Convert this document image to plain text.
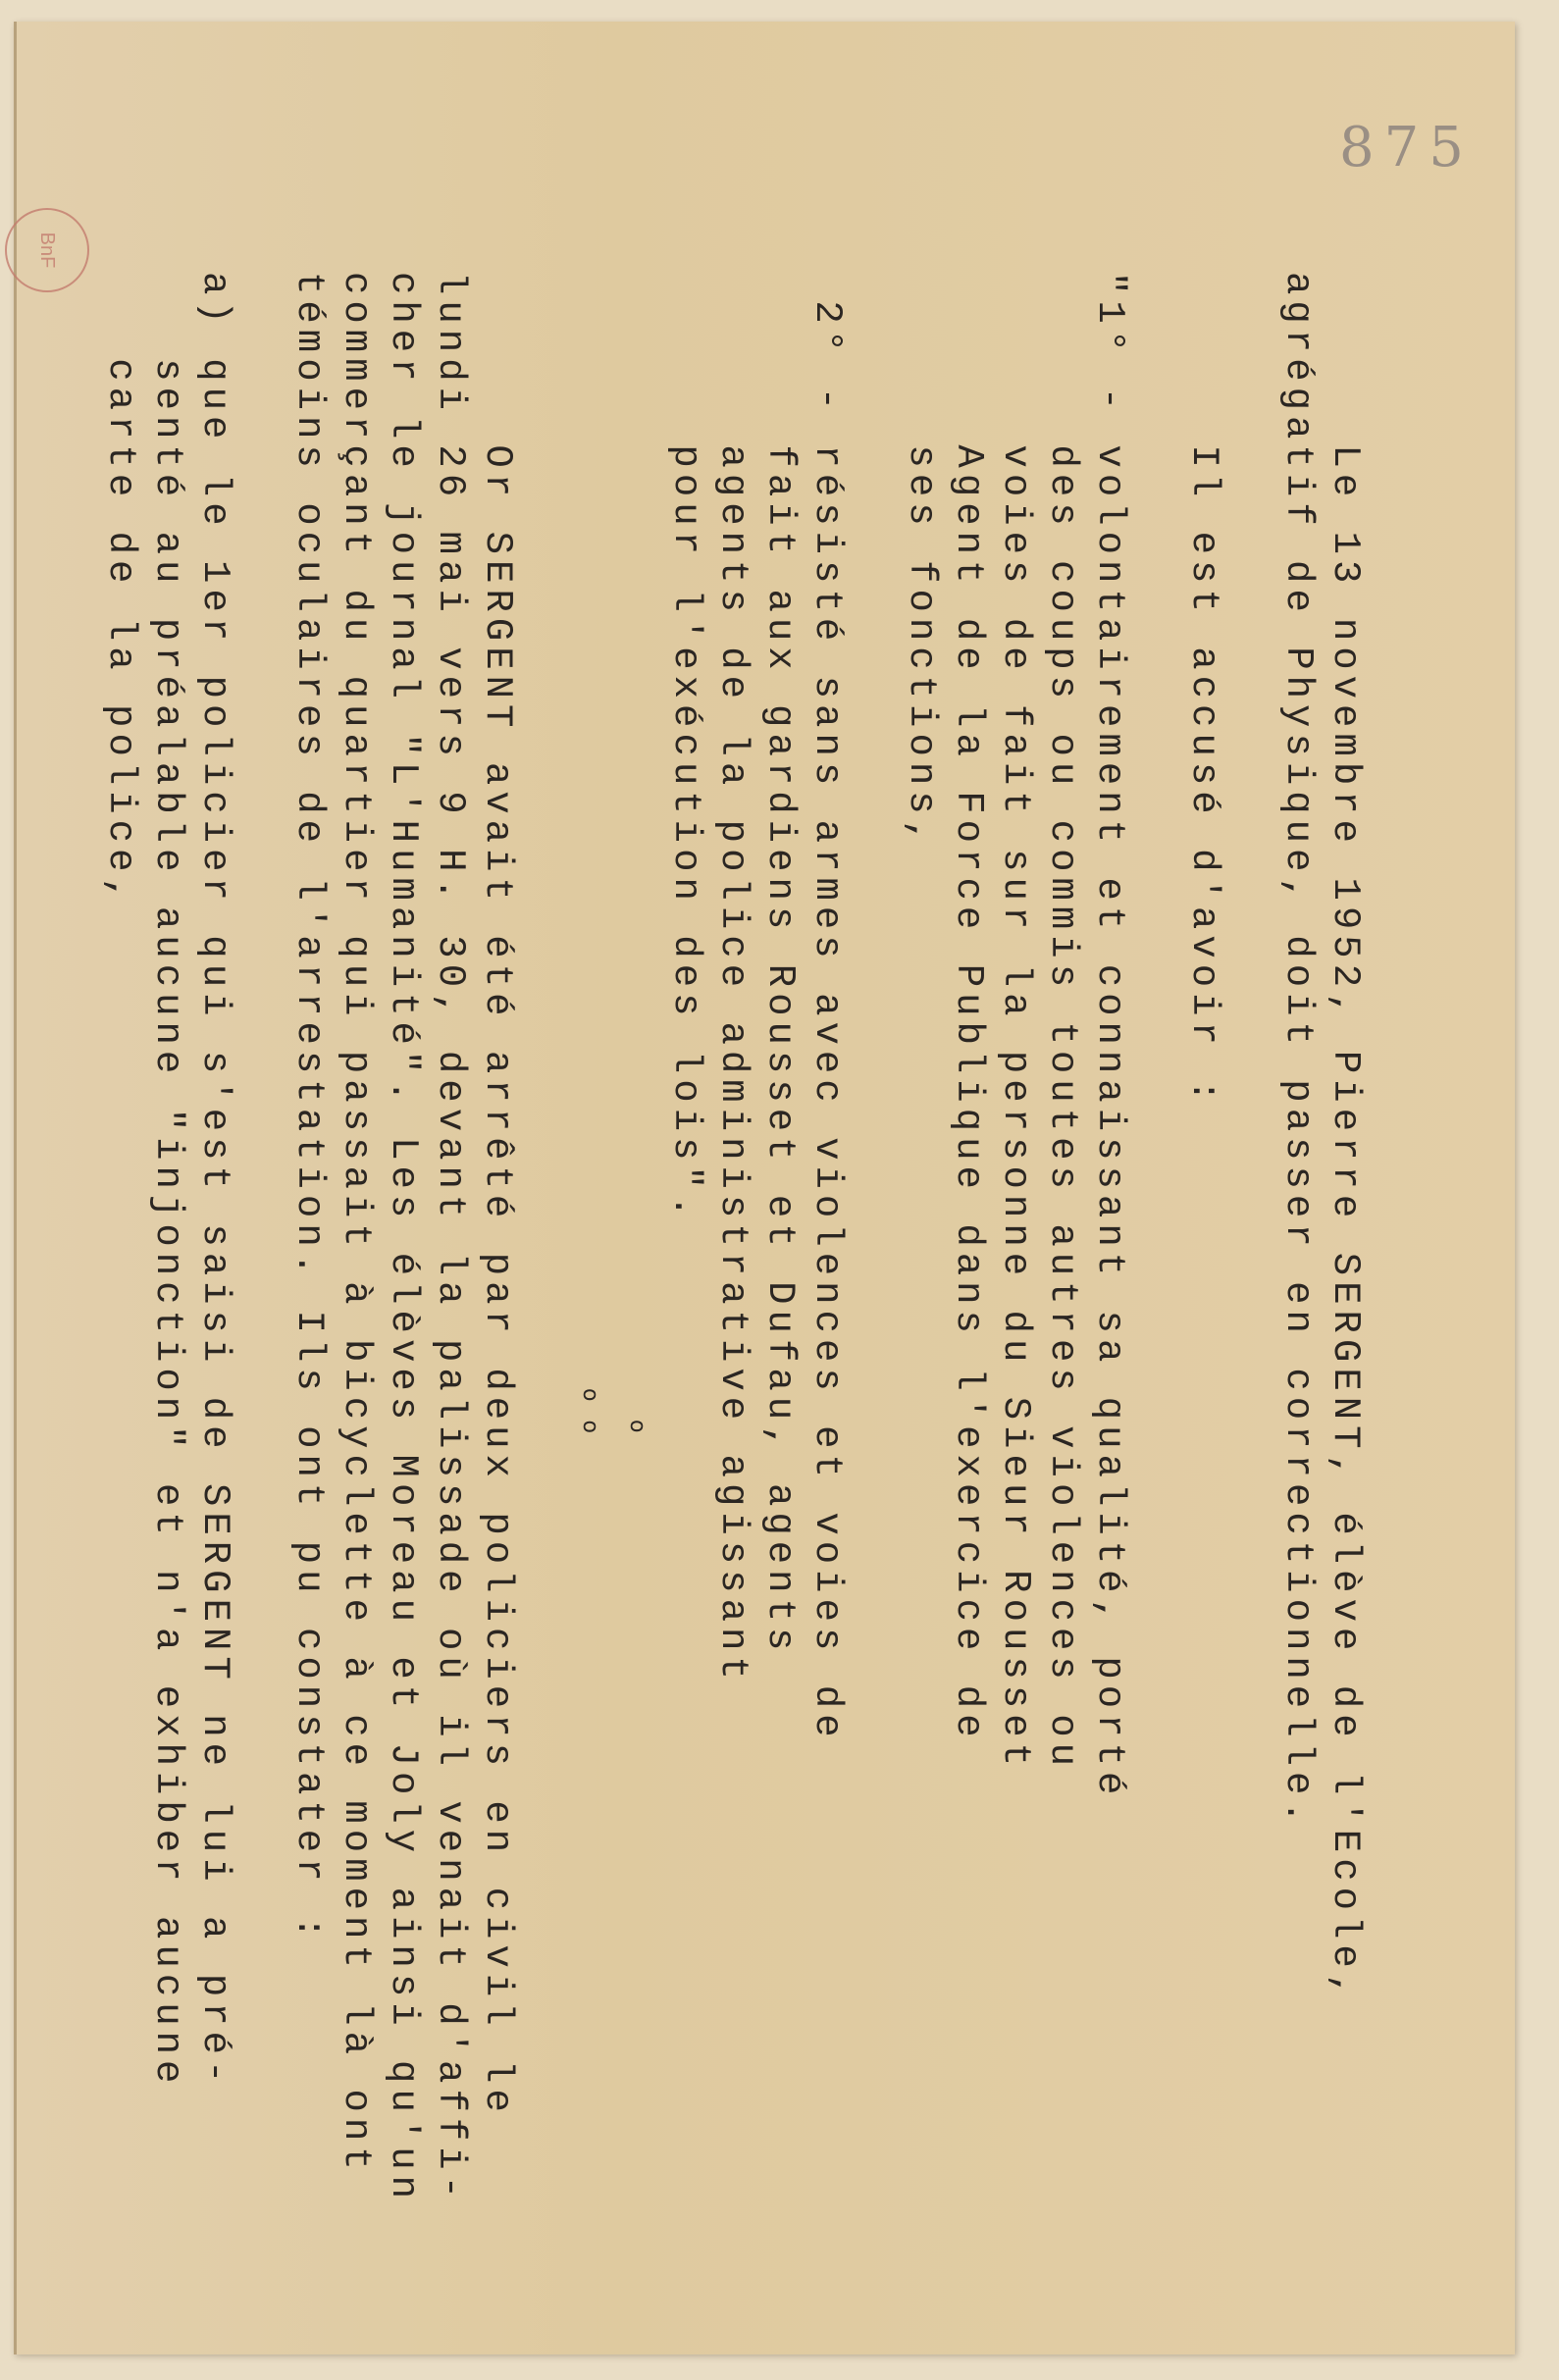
875
BnF

Le 13 novembre 1952, Pierre SERGENT, élève de l'Ecole,

agrégatif de Physique, doit passer en correctionnelle.

Il est accusé d'avoir :

"1° - volontairement et connaissant sa qualité, porté

des coups ou commis toutes autres violences ou

voies de fait sur la personne du Sieur Rousset

Agent de la Force Publique dans l'exercice de

ses fonctions,

2° - résisté sans armes avec violences et voies de

fait aux gardiens Rousset et Dufau, agents

agents de la police administrative agissant

pour l'exécution des lois".

Or SERGENT avait été arrêté par deux policiers en civil le

lundi 26 mai vers 9 H. 30, devant la palissade où il venait d'affi-

cher le journal "L'Humanité". Les élèves Moreau et Joly ainsi qu'un

commerçant du quartier qui passait à bicyclette à ce moment là ont

témoins oculaires de l'arrestation. Ils ont pu constater :

a) que le 1er policier qui s'est saisi de SERGENT ne lui a pré-

senté au préalable aucune "injonction" et n'a exhiber aucune

carte de la police,

o

o o
